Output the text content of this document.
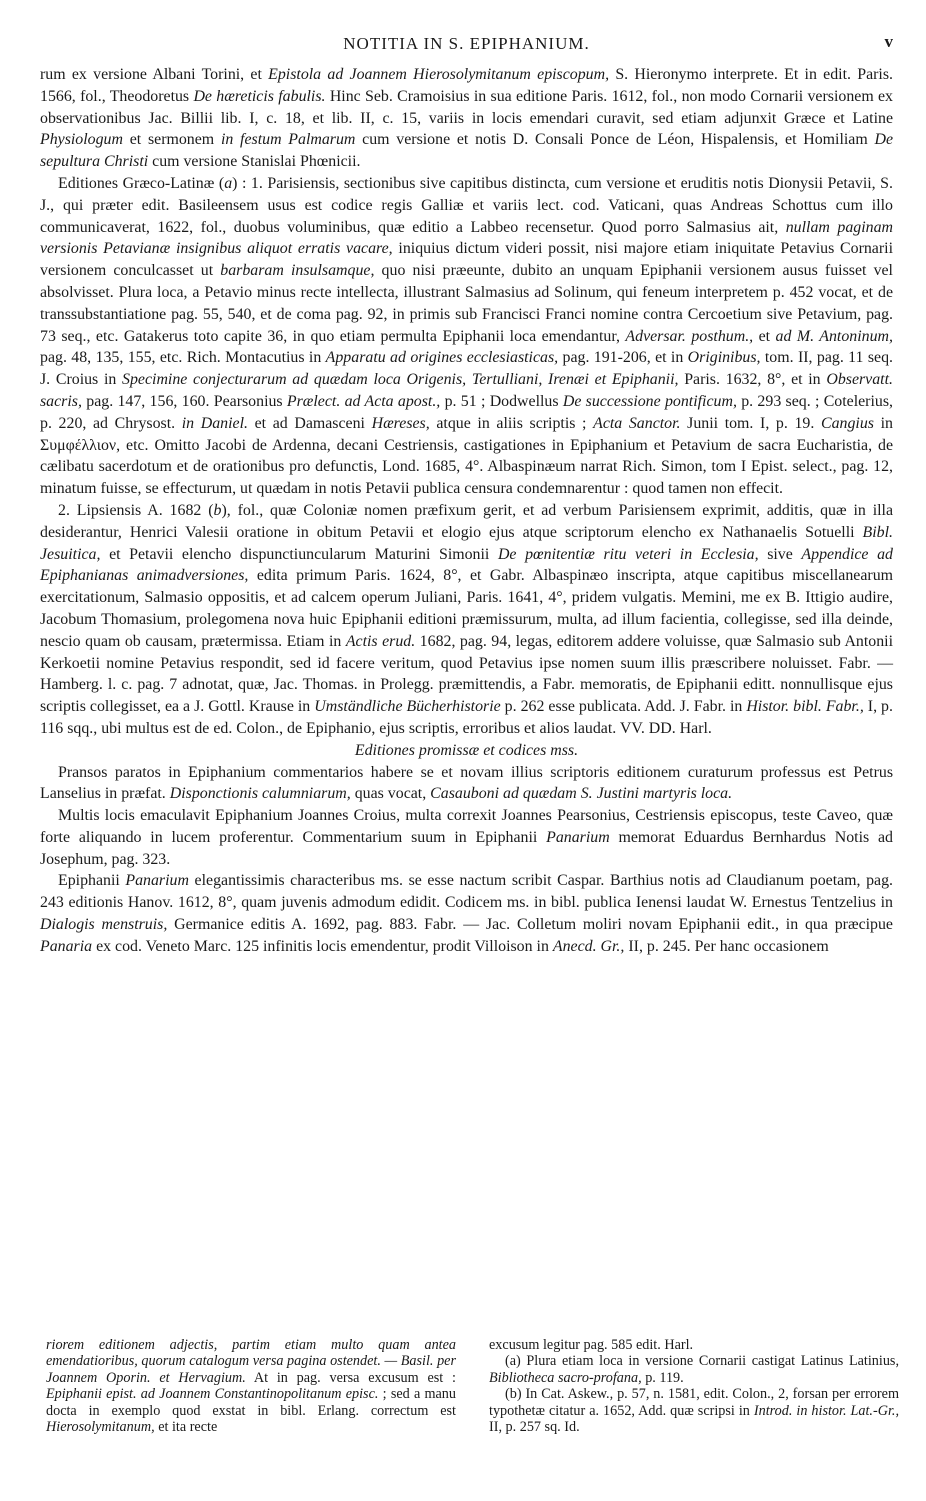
NOTITIA IN S. EPIPHANIUM.	v

rum ex versione Albani Torini, et Epistola ad Joannem Hierosolymitanum episcopum, S. Hieronymo interprete. Et in edit. Paris. 1566, fol., Theodoretus De hæreticis fabulis. Hinc Seb. Cramoisius in sua editione Paris. 1612, fol., non modo Cornarii versionem ex observationibus Jac. Billii lib. I, c. 18, et lib. II, c. 15, variis in locis emendari curavit, sed etiam adjunxit Græce et Latine Physiologum et sermonem in festum Palmarum cum versione et notis D. Consali Ponce de Léon, Hispalensis, et Homiliam De sepultura Christi cum versione Stanislai Phœnicii.

Editiones Græco-Latinæ (a) : 1. Parisiensis, sectionibus sive capitibus distincta, cum versione et eruditis notis Dionysii Petavii, S. J., qui præter edit. Basileensem usus est codice regis Galliæ et variis lect. cod. Vaticani, quas Andreas Schottus cum illo communicaverat, 1622, fol., duobus voluminibus, quæ editio a Labbeo recensetur. Quod porro Salmasius ait, nullam paginam versionis Petavianæ insignibus aliquot erratis vacare, iniquius dictum videri possit, nisi majore etiam iniquitate Petavius Cornarii versionem conculcasset ut barbaram insulsamque, quo nisi præeunte, dubito an unquam Epiphanii versionem ausus fuisset vel absolvisset. Plura loca, a Petavio minus recte intellecta, illustrant Salmasius ad Solinum, qui feneum interpretem p. 452 vocat, et de transsubstantiatione pag. 55, 540, et de coma pag. 92, in primis sub Francisci Franci nomine contra Cercoetium sive Petavium, pag. 73 seq., etc. Gatakerus toto capite 36, in quo etiam permulta Epiphanii loca emendantur, Adversar. posthum., et ad M. Antoninum, pag. 48, 135, 155, etc. Rich. Montacutius in Apparatu ad origines ecclesiasticas, pag. 191-206, et in Originibus, tom. II, pag. 11 seq. J. Croius in Specimine conjecturarum ad quædam loca Origenis, Tertulliani, Irenæi et Epiphanii, Paris. 1632, 8°, et in Observatt. sacris, pag. 147, 156, 160. Pearsonius Prælect. ad Acta apost., p. 51 ; Dodwellus De successione pontificum, p. 293 seq. ; Cotelerius, p. 220, ad Chrysost. in Daniel. et ad Damasceni Hæreses, atque in aliis scriptis ; Acta Sanctor. Junii tom. I, p. 19. Cangius in Συμφέλλιον, etc. Omitto Jacobi de Ardenna, decani Cestriensis, castigationes in Epiphanium et Petavium de sacra Eucharistia, de cælibatu sacerdotum et de orationibus pro defunctis, Lond. 1685, 4°. Albaspinæum narrat Rich. Simon, tom I Epist. select., pag. 12, minatum fuisse, se effecturum, ut quædam in notis Petavii publica censura condemnarentur : quod tamen non effecit.

2. Lipsiensis A. 1682 (b), fol., quæ Coloniæ nomen præfixum gerit, et ad verbum Parisiensem exprimit, additis, quæ in illa desiderantur, Henrici Valesii oratione in obitum Petavii et elogio ejus atque scriptorum elencho ex Nathanaelis Sotuelli Bibl. Jesuitica, et Petavii elencho dispunctiuncularum Maturini Simonii De pœnitentiæ ritu veteri in Ecclesia, sive Appendice ad Epiphanianas animadversiones, edita primum Paris. 1624, 8°, et Gabr. Albaspinæo inscripta, atque capitibus miscellanearum exercitationum, Salmasio oppositis, et ad calcem operum Juliani, Paris. 1641, 4°, pridem vulgatis. Memini, me ex B. Ittigio audire, Jacobum Thomasium, prolegomena nova huic Epiphanii editioni præmissurum, multa, ad illum facientia, collegisse, sed illa deinde, nescio quam ob causam, prætermissa. Etiam in Actis erud. 1682, pag. 94, legas, editorem addere voluisse, quæ Salmasio sub Antonii Kerkoetii nomine Petavius respondit, sed id facere veritum, quod Petavius ipse nomen suum illis præscribere noluisset. Fabr. — Hamberg. l. c. pag. 7 adnotat, quæ, Jac. Thomas. in Prolegg. præmittendis, a Fabr. memoratis, de Epiphanii editt. nonnullisque ejus scriptis collegisset, ea a J. Gottl. Krause in Umständliche Bücherhistorie p. 262 esse publicata. Add. J. Fabr. in Histor. bibl. Fabr., I, p. 116 sqq., ubi multus est de ed. Colon., de Epiphanio, ejus scriptis, erroribus et alios laudat. VV. DD. Harl.

Editiones promissæ et codices mss.

Pransos paratos in Epiphanium commentarios habere se et novam illius scriptoris editionem curaturum professus est Petrus Lanselius in præfat. Disponctionis calumniarum, quas vocat, Casauboni ad quædam S. Justini martyris loca.

Multis locis emaculavit Epiphanium Joannes Croius, multa correxit Joannes Pearsonius, Cestriensis episcopus, teste Caveo, quæ forte aliquando in lucem proferentur. Commentarium suum in Epiphanii Panarium memorat Eduardus Bernhardus Notis ad Josephum, pag. 323.

Epiphanii Panarium elegantissimis characteribus ms. se esse nactum scribit Caspar. Barthius notis ad Claudianum poetam, pag. 243 editionis Hanov. 1612, 8°, quam juvenis admodum edidit. Codicem ms. in bibl. publica Ienensi laudat W. Ernestus Tentzelius in Dialogis menstruis, Germanice editis A. 1692, pag. 883. Fabr. — Jac. Colletum moliri novam Epiphanii edit., in qua præcipue Panaria ex cod. Veneto Marc. 125 infinitis locis emendentur, prodit Villoison in Anecd. Gr., II, p. 245. Per hanc occasionem

riorem editionem adjectis, partim etiam multo quam antea emendatioribus, quorum catalogum versa pagina ostendet. — Basil. per Joannem Oporin. et Hervagium. At in pag. versa excusum est : Epiphanii epist. ad Joannem Constantinopolitanum episc. ; sed a manu docta in exemplo quod exstat in bibl. Erlang. correctum est Hierosolymitanum, et ita recte

excusum legitur pag. 585 edit. Harl.

(a) Plura etiam loca in versione Cornarii castigat Latinus Latinius, Bibliotheca sacro-profana, p. 119.

(b) In Cat. Askew., p. 57, n. 1581, edit. Colon., 2, forsan per errorem typothetæ citatur a. 1652, Add. quæ scripsi in Introd. in histor. Lat.-Gr., II, p. 257 sq. Id.
